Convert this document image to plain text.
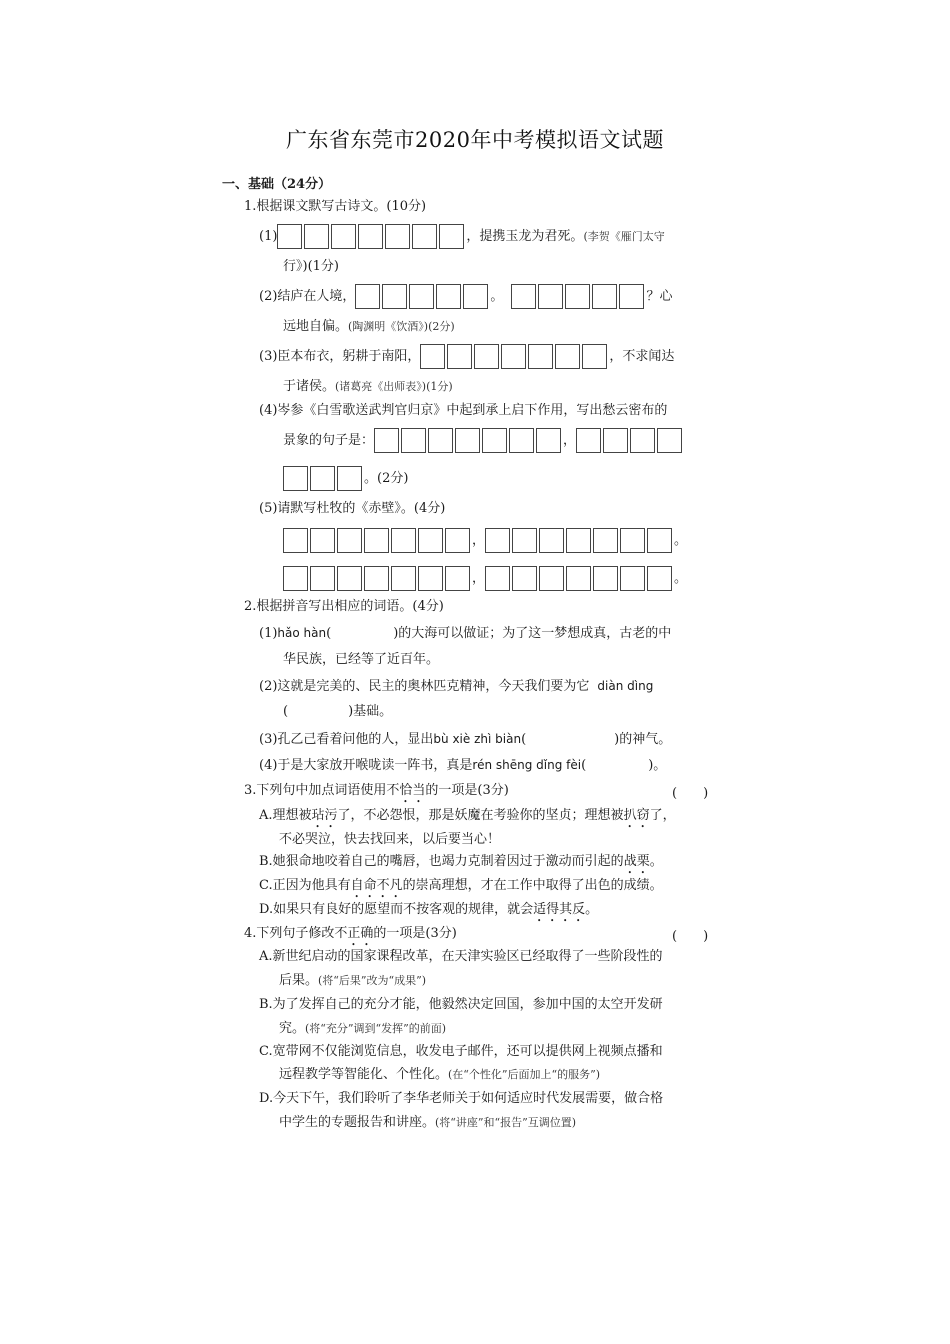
广东省东莞市2020年中考模拟语文试题
一、基础（24分）
1.根据课文默写古诗文。(10分)
(1)	，提携玉龙为君死。(李贺《雁门太守
行》)(1分)
(2)结庐在人境，	。	？心
远地自偏。(陶渊明《饮酒》)(2分)
(3)臣本布衣，躬耕于南阳，	，不求闻达
于诸侯。(诸葛亮《出师表》)(1分)
(4)岑参《白雪歌送武判官归京》中起到承上启下作用，写出愁云密布的
景象的句子是：	，
。(2分)
(5)请默写杜牧的《赤壁》。(4分)
，	。
，	。
2.根据拼音写出相应的词语。(4分)
(1)hǎo hàn(	)的大海可以做证；为了这一梦想成真，古老的中
华民族，已经等了近百年。
(2)这就是完美的、民主的奥林匹克精神，今天我们要为它 diàn dìng
(	)基础。
(3)孔乙己看着问他的人，显出bù xiè zhì biàn(	)的神气。
(4)于是大家放开喉咙读一阵书，真是rén shēng dǐng fèi(	)。
3.下列句中加点词语使用不恰当的一项是(3分)	(　　)
A.理想被玷污了，不必怨恨，那是妖魔在考验你的坚贞；理想被扒窃了，
不必哭泣，快去找回来，以后要当心！
B.她狠命地咬着自己的嘴唇，也竭力克制着因过于激动而引起的战栗。
C.正因为他具有自命不凡的崇高理想，才在工作中取得了出色的成绩。
D.如果只有良好的愿望而不按客观的规律，就会适得其反。
4.下列句子修改不正确的一项是(3分)	(　　)
A.新世纪启动的国家课程改革，在天津实验区已经取得了一些阶段性的
后果。(将“后果”改为“成果”)
B.为了发挥自己的充分才能，他毅然决定回国，参加中国的太空开发研
究。(将“充分”调到“发挥”的前面)
C.宽带网不仅能浏览信息，收发电子邮件，还可以提供网上视频点播和
远程教学等智能化、个性化。(在“个性化”后面加上“的服务”)
D.今天下午，我们聆听了李华老师关于如何适应时代发展需要，做合格
中学生的专题报告和讲座。(将“讲座”和“报告”互调位置)
